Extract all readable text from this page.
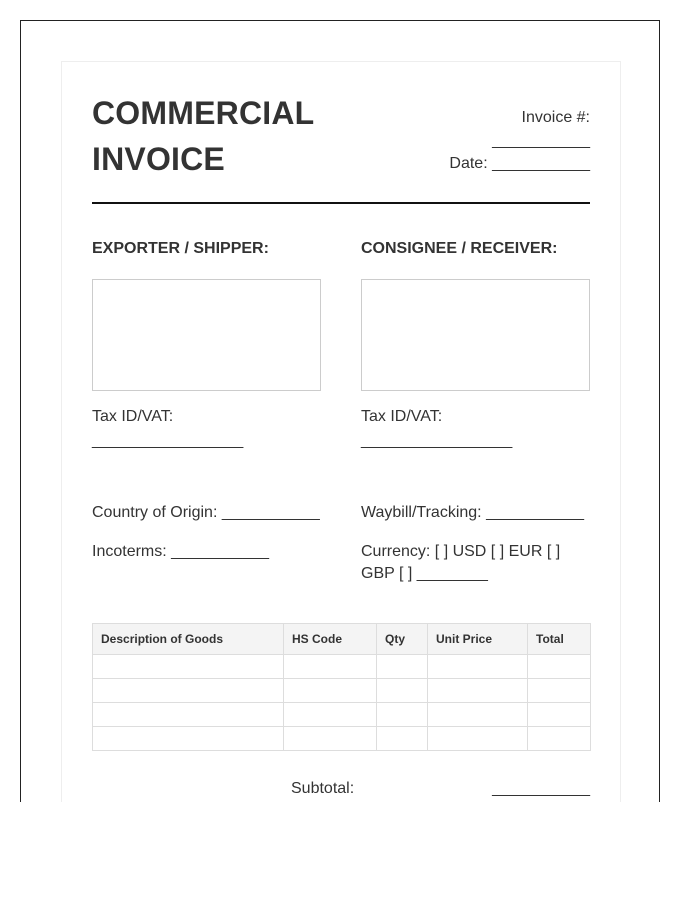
COMMERCIAL
INVOICE
Invoice #:
___________
Date: ___________
EXPORTER / SHIPPER:
Tax ID/VAT:
_________________
CONSIGNEE / RECEIVER:
Tax ID/VAT:
_________________
Country of Origin: ___________	Waybill/Tracking: ___________
Incoterms: ___________	Currency: [ ] USD [ ] EUR [ ]
GBP [ ] ________
Description of Goods	HS Code	Qty	Unit Price	Total

Subtotal:	___________
